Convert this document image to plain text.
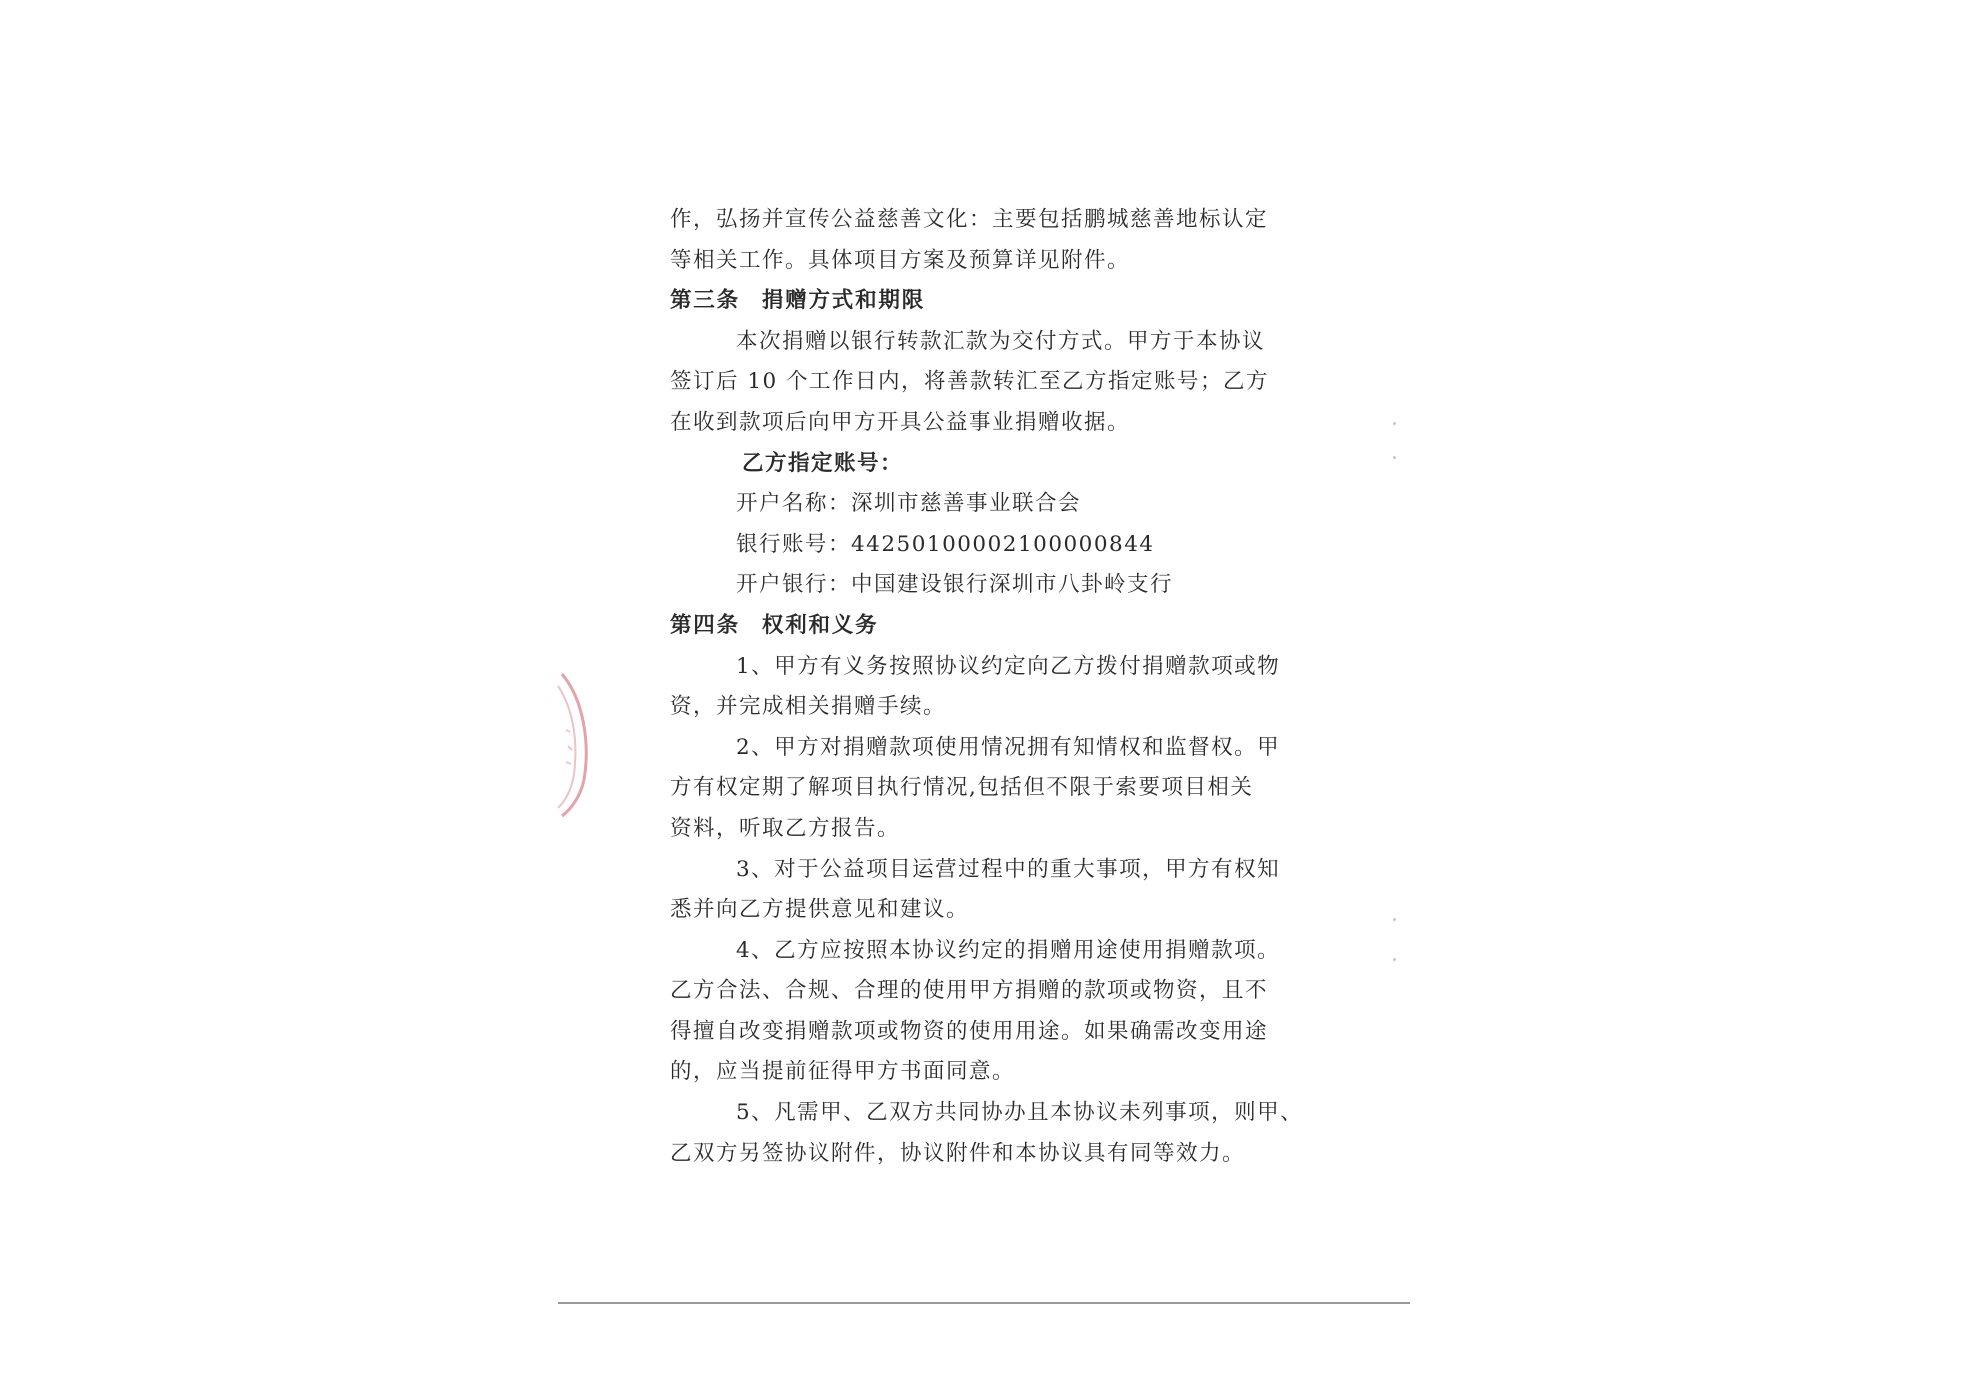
作，弘扬并宣传公益慈善文化：主要包括鹏城慈善地标认定
等相关工作。具体项目方案及预算详见附件。
第三条 捐赠方式和期限
本次捐赠以银行转款汇款为交付方式。甲方于本协议
签订后 10 个工作日内，将善款转汇至乙方指定账号；乙方
在收到款项后向甲方开具公益事业捐赠收据。
乙方指定账号：
开户名称：深圳市慈善事业联合会
银行账号：44250100002100000844
开户银行：中国建设银行深圳市八卦岭支行
第四条 权利和义务
1、甲方有义务按照协议约定向乙方拨付捐赠款项或物
资，并完成相关捐赠手续。
2、甲方对捐赠款项使用情况拥有知情权和监督权。甲
方有权定期了解项目执行情况,包括但不限于索要项目相关
资料，听取乙方报告。
3、对于公益项目运营过程中的重大事项，甲方有权知
悉并向乙方提供意见和建议。
4、乙方应按照本协议约定的捐赠用途使用捐赠款项。
乙方合法、合规、合理的使用甲方捐赠的款项或物资，且不
得擅自改变捐赠款项或物资的使用用途。如果确需改变用途
的，应当提前征得甲方书面同意。
5、凡需甲、乙双方共同协办且本协议未列事项，则甲、
乙双方另签协议附件，协议附件和本协议具有同等效力。
